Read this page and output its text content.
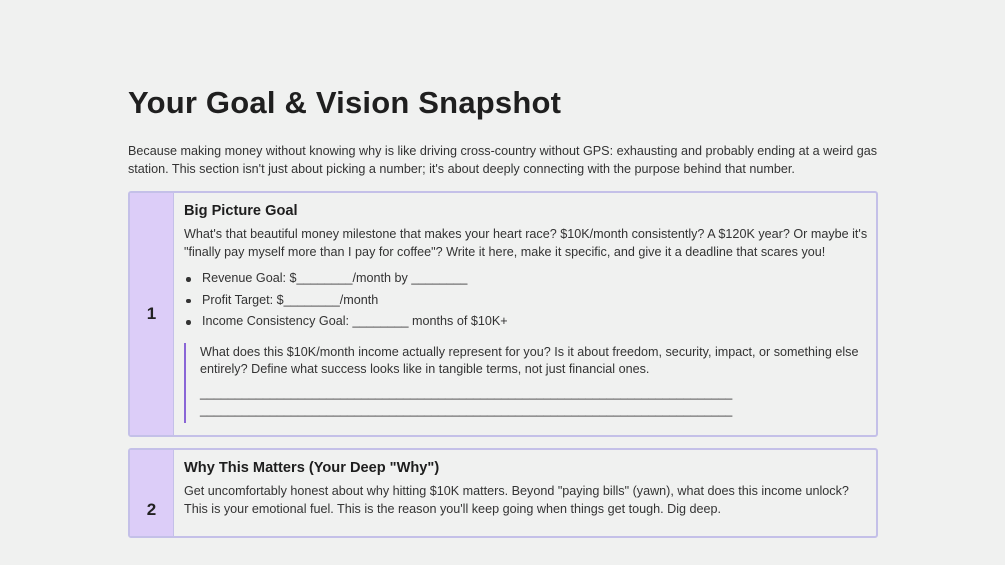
Your Goal & Vision Snapshot

Because making money without knowing why is like driving cross-country without GPS: exhausting and probably ending at a weird gas station. This section isn't just about picking a number; it's about deeply connecting with the purpose behind that number.

1
Big Picture Goal

What's that beautiful money milestone that makes your heart race? $10K/month consistently? A $120K year? Or maybe it's "finally pay myself more than I pay for coffee"? Write it here, make it specific, and give it a deadline that scares you!

Revenue Goal: $________/month by ________
Profit Target: $________/month
Income Consistency Goal: ________ months of $10K+

What does this $10K/month income actually represent for you? Is it about freedom, security, impact, or something else entirely? Define what success looks like in tangible terms, not just financial ones.

____________________________________________________________________________
____________________________________________________________________________
2
Why This Matters (Your Deep "Why")

Get uncomfortably honest about why hitting $10K matters. Beyond "paying bills" (yawn), what does this income unlock? This is your emotional fuel. This is the reason you'll keep going when things get tough. Dig deep.
